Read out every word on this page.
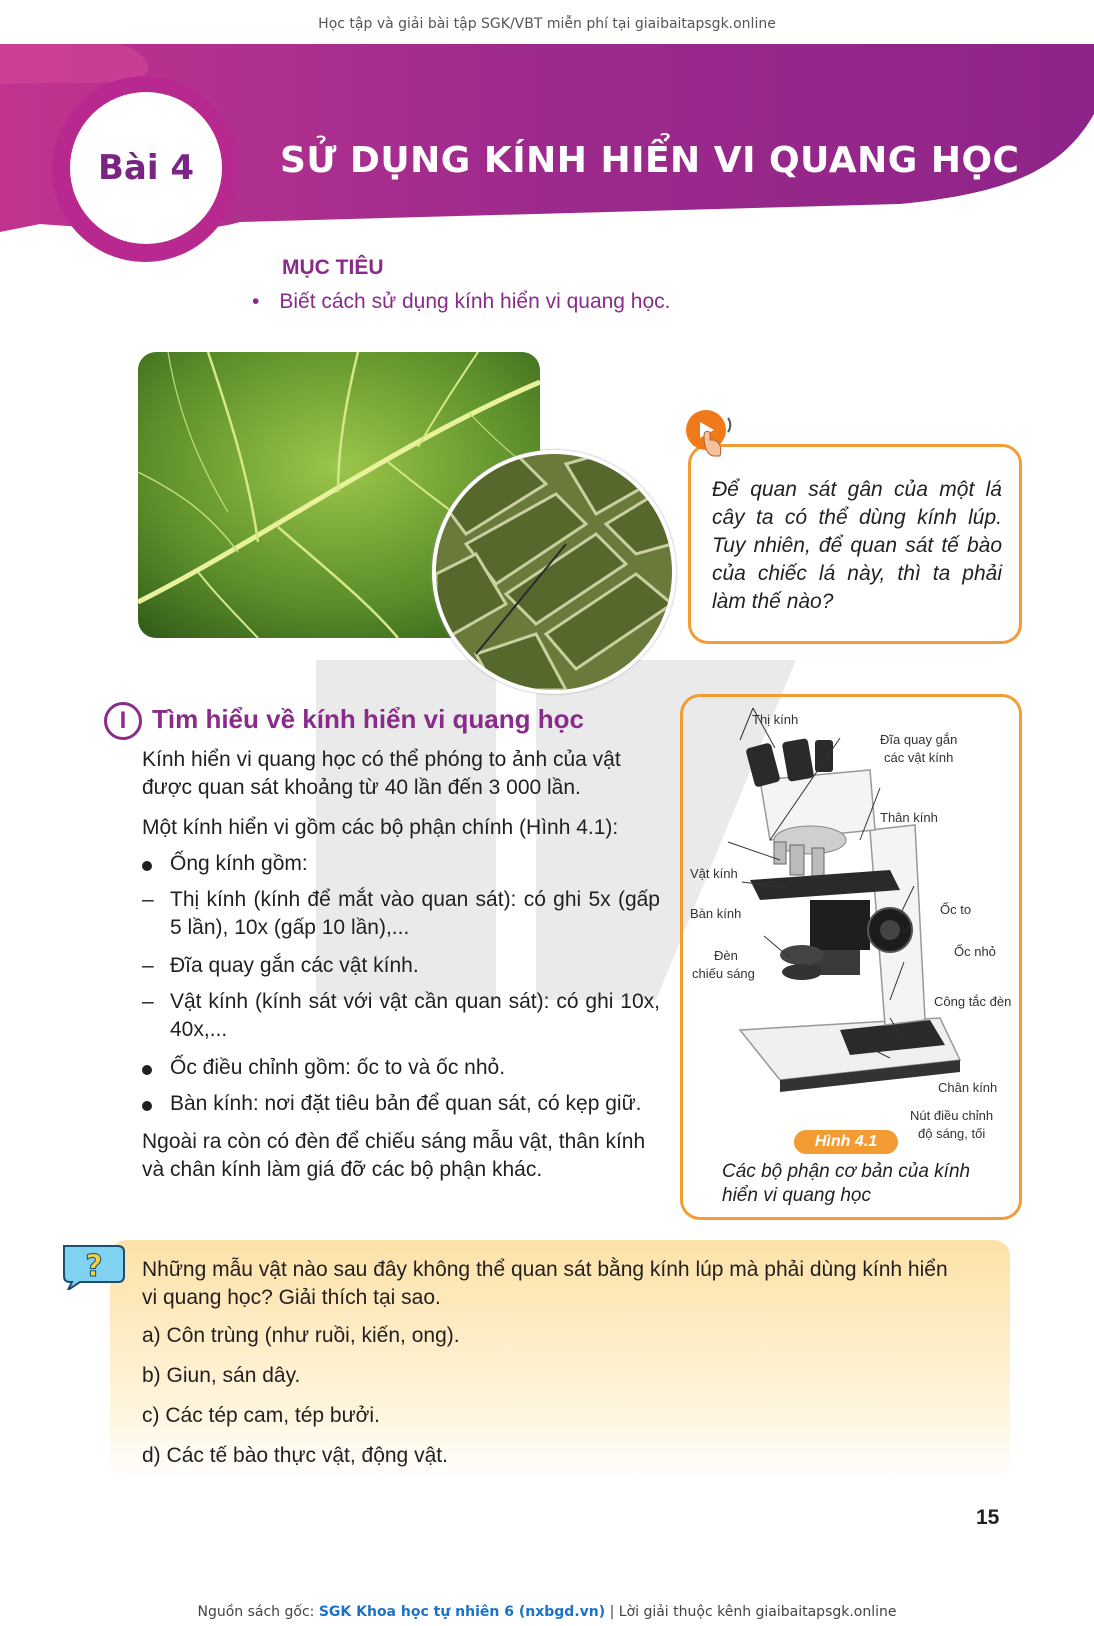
Học tập và giải bài tập SGK/VBT miễn phí tại giaibaitapsgk.online
Bài 4 SỬ DỤNG KÍNH HIỂN VI QUANG HỌC
MỤC TIÊU
• Biết cách sử dụng kính hiển vi quang học.
Để quan sát gân của một lá cây ta có thể dùng kính lúp. Tuy nhiên, để quan sát tế bào của chiếc lá này, thì ta phải làm thế nào?
I Tìm hiểu về kính hiển vi quang học
Kính hiển vi quang học có thể phóng to ảnh của vật được quan sát khoảng từ 40 lần đến 3 000 lần.
Một kính hiển vi gồm các bộ phận chính (Hình 4.1):
Ống kính gồm:
– Thị kính (kính để mắt vào quan sát): có ghi 5x (gấp 5 lần), 10x (gấp 10 lần),...
– Đĩa quay gắn các vật kính.
– Vật kính (kính sát với vật cần quan sát): có ghi 10x, 40x,...
Ốc điều chỉnh gồm: ốc to và ốc nhỏ.
Bàn kính: nơi đặt tiêu bản để quan sát, có kẹp giữ.
Ngoài ra còn có đèn để chiếu sáng mẫu vật, thân kính và chân kính làm giá đỡ các bộ phận khác.
Thị kính
Đĩa quay gắn
các vật kính
Thân kính
Vật kính
Bàn kính	Ốc to
Đèn
chiếu sáng
Ốc nhỏ
Công tắc đèn
Chân kính
Nút điều chỉnh
độ sáng, tối
Hình 4.1
Các bộ phận cơ bản của kính hiển vi quang học
? Những mẫu vật nào sau đây không thể quan sát bằng kính lúp mà phải dùng kính hiển vi quang học? Giải thích tại sao.
a) Côn trùng (như ruồi, kiến, ong).
b) Giun, sán dây.
c) Các tép cam, tép bưởi.
d) Các tế bào thực vật, động vật.
15
Nguồn sách gốc: SGK Khoa học tự nhiên 6 (nxbgd.vn) | Lời giải thuộc kênh giaibaitapsgk.online
